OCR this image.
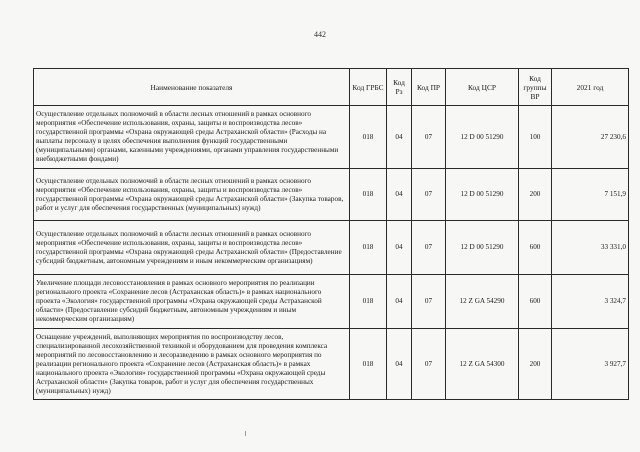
442
Наименование показателя	Код ГРБС	Код Рз	Код ПР	Код ЦСР	Код группы ВР	2021 год
Осуществление отдельных полномочий в области лесных отношений в рамках основного мероприятия «Обеспечение использования, охраны, защиты и воспроизводства лесов» государственной программы «Охрана окружающей среды Астраханской области» (Расходы на выплаты персоналу в целях обеспечения выполнения функций государственными (муниципальными) органами, казенными учреждениями, органами управления государственными внебюджетными фондами)	018	04	07	12 D 00 51290	100	27 230,6
Осуществление отдельных полномочий в области лесных отношений в рамках основного мероприятия «Обеспечение использования, охраны, защиты и воспроизводства лесов» государственной программы «Охрана окружающей среды Астраханской области» (Закупка товаров, работ и услуг для обеспечения государственных (муниципальных) нужд)	018	04	07	12 D 00 51290	200	7 151,9
Осуществление отдельных полномочий в области лесных отношений в рамках основного мероприятия «Обеспечение использования, охраны, защиты и воспроизводства лесов» государственной программы «Охрана окружающей среды Астраханской области» (Предоставление субсидий бюджетным, автономным учреждениям и иным некоммерческим организациям)	018	04	07	12 D 00 51290	600	33 331,0
Увеличение площади лесовосстановления в рамках основного мероприятия по реализации регионального проекта «Сохранение лесов (Астраханская область)» в рамках национального проекта «Экология» государственной программы «Охрана окружающей среды Астраханской области» (Предоставление субсидий бюджетным, автономным учреждениям и иным некоммерческим организациям)	018	04	07	12 Z GA 54290	600	3 324,7
Оснащение учреждений, выполняющих мероприятия по воспроизводству лесов, специализированной лесохозяйственной техникой и оборудованием для проведения комплекса мероприятий по лесовосстановлению и лесоразведению в рамках основного мероприятия по реализации регионального проекта «Сохранение лесов (Астраханская область)» в рамках национального проекта «Экология» государственной программы «Охрана окружающей среды Астраханской области» (Закупка товаров, работ и услуг для обеспечения государственных (муниципальных) нужд)	018	04	07	12 Z GA 54300	200	3 927,7
